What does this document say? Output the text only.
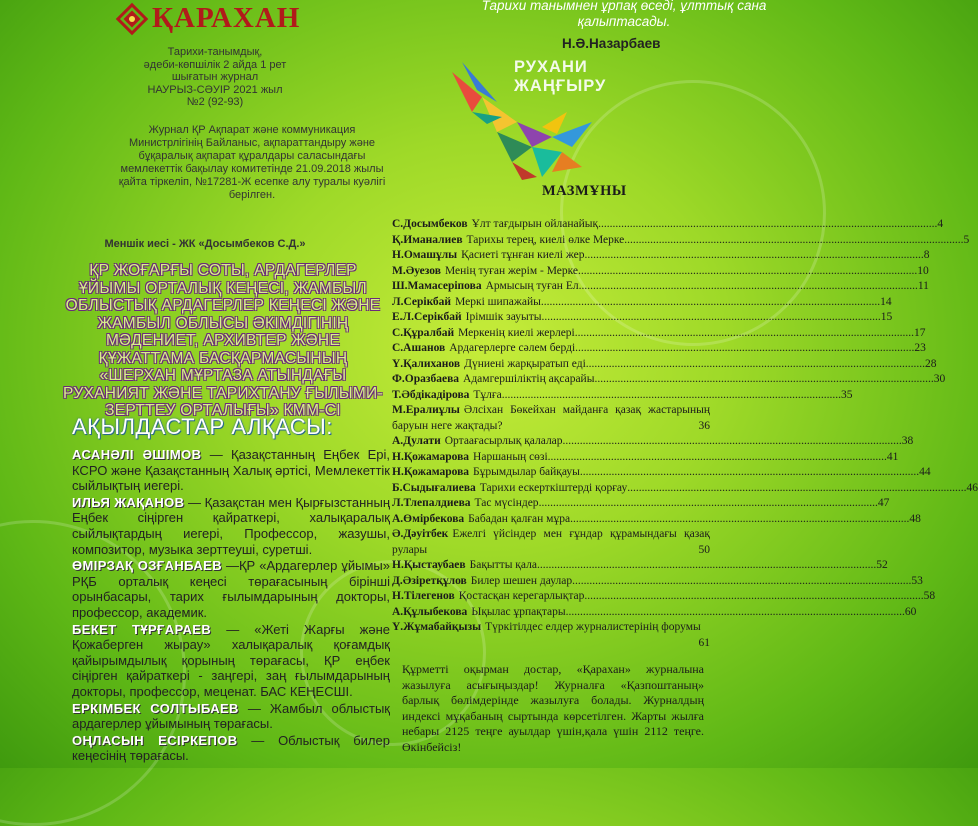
ҚАРАХАН
Тарихи-танымдық,
әдеби-көпшілік 2 айда 1 рет
шығатын журнал
НАУРЫЗ-СӘУІР 2021 жыл
№2 (92-93)
Журнал ҚР Ақпарат және коммуникация Министрлігінің Байланыс, ақпараттандыру және бұқаралық ақпарат құралдары саласындағы мемлекеттік бақылау комитетінде 21.09.2018 жылы қайта тіркеліп, №17281-Ж есепке алу туралы куәлігі берілген.
Меншік иесі - ЖК «Досымбеков С.Д.»
ҚР ЖОҒАРҒЫ СОТЫ, АРДАГЕРЛЕР ҰЙЫМЫ ОРТАЛЫҚ КЕҢЕСІ, ЖАМБЫЛ ОБЛЫСТЫҚ АРДАГЕРЛЕР КЕҢЕСІ ЖӘНЕ ЖАМБЫЛ ОБЛЫСЫ ӘКІМДІГІНІҢ МӘДЕНИЕТ, АРХИВТЕР ЖӘНЕ ҚҰЖАТТАМА БАСҚАРМАСЫНЫҢ «ШЕРХАН МҰРТАЗА АТЫНДАҒЫ РУХАНИЯТ ЖӘНЕ ТАРИХТАНУ ҒЫЛЫМИ-ЗЕРТТЕУ ОРТАЛЫҒЫ» КММ-СІ
АҚЫЛДАСТАР АЛҚАСЫ:
АСАНӘЛІ ӘШІМОВ — Қазақстанның Еңбек Ері, КСРО және Қазақстанның Халық әртісі, Мемлекеттік сыйлықтың иегері.
ИЛЬЯ ЖАҚАНОВ — Қазақстан мен Қырғызстанның Еңбек сіңірген қайраткері, халықаралық сыйлықтардың иегері, Профессор, жазушы, композитор, музыка зерттеуші, суретші.
ӨМІРЗАҚ ОЗҒАНБАЕВ —ҚР «Ардагерлер ұйымы» РҚБ орталық кеңесі төрағасының бірінші орынбасары, тарих ғылымдарының докторы, профессор, академик.
БЕКЕТ ТҰРҒАРАЕВ — «Жеті Жарғы және Қожаберген жырау» халықаралық қоғамдық қайырымдылық қорының төрағасы, ҚР еңбек сіңірген қайраткері - заңгері, заң ғылымдарының докторы, профессор, меценат. БАС КЕҢЕСШІ.
ЕРКІМБЕК СОЛТЫБАЕВ — Жамбыл облыстық ардагерлер ұйымының төрағасы.
ОҢЛАСЫН ЕСІРКЕПОВ — Облыстық билер кеңесінің төрағасы.
Тарихи танымнен ұрпақ өседі, ұлттық сана қалыптасады.
Н.Ә.Назарбаев
РУХАНИ
ЖАҢҒЫРУ
МАЗМҰНЫ
С.Досымбеков Ұлт тағдырын ойланайық .....	4
Қ.Иманалиев Тарихы терең, киелі өлке Мерке .....	5
Н.Омашұлы Қасиеті тұнған киелі жер .....	8
М.Әуезов Менің туған жерім - Мерке .....	10
Ш.Мамасеріпова Армысың туған Ел .....	11
Л.Серікбай Меркі шипажайы .....	14
Е.Л.Серікбай Ірімшік зауыты .....	15
С.Құралбай Меркенің киелі жерлері .....	17
С.Ашанов Ардагерлерге сәлем берді .....	23
Ү.Қалиханов Дүниені жарқыратып еді .....	28
Ф.Оразбаева Адамгершіліктің ақсарайы .....	30
Т.Әбдікадірова Тұлға .....	35
М.Ералиұлы Әлсіхан Бөкейхан майданға қазақ жастарының баруын неге жақтады?	36
А.Дулати Ортаағасырлық қалалар .....	38
Н.Қожамарова Наршаның сөзі .....	41
Н.Қожамарова Бұрымдылар байқауы .....	44
Б.Сыдығалиева Тарихи ескерткіштерді қорғау .....	46
Л.Тлепалдиева Тас мүсіндер .....	47
А.Өмірбекова Бабадан қалған мұра .....	48
Ә.Дәуітбек Ежелгі үйсіндер мен ғұндар құрамындағы қазақ рулары	50
Н.Қыстаубаев Бақытты қала .....	52
Д.Әзіретқұлов Билер шешен даулар .....	53
Н.Тілегенов Қостасқан керегарлықтар .....	58
А.Құлыбекова Ықылас ұрпақтары .....	60
Ү.Жұмабайқызы Түркітілдес елдер журналистерінің форумы
61
Құрметті оқырман достар, «Қарахан» журналына жазылуға асығыңыздар! Журналға «Қазпоштаның» барлық бөлімдерінде жазылуға болады. Журналдың индексі мұқабаның сыртында көрсетілген. Жарты жылға небары 2125 теңге ауылдар үшін,қала үшін 2112 теңге. Өкінбейсіз!
